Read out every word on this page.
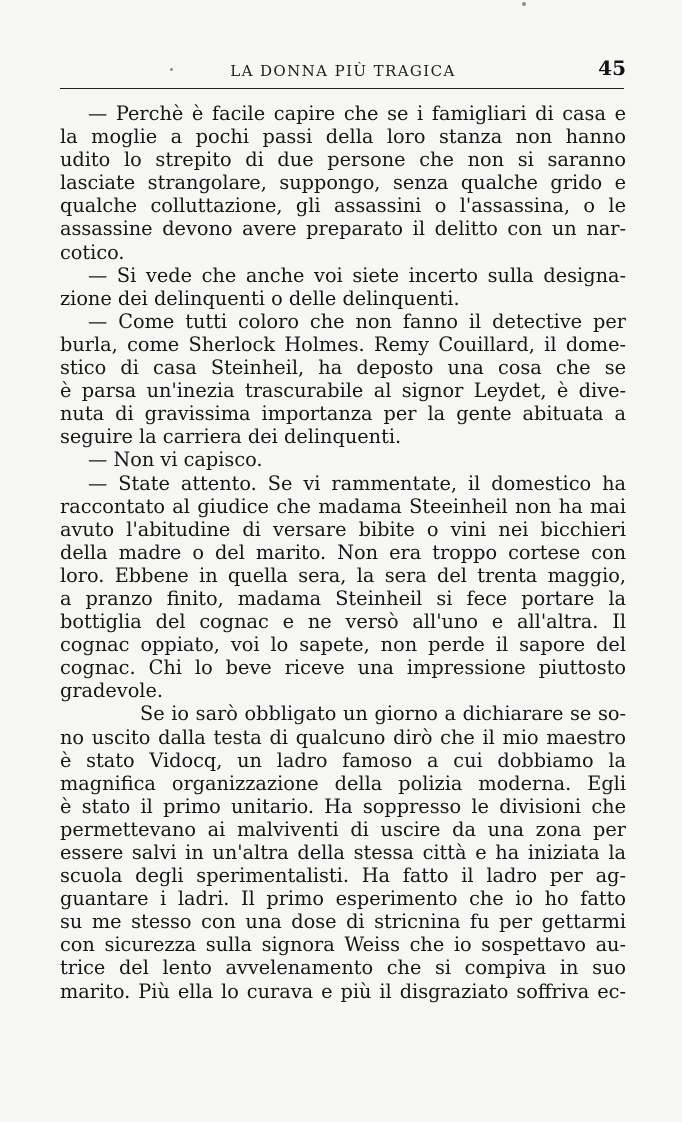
LA DONNA PIÙ TRAGICA	45
— Perchè è facile capire che se i famigliari di casa e
la moglie a pochi passi della loro stanza non hanno
udito lo strepito di due persone che non si saranno
lasciate strangolare, suppongo, senza qualche grido e
qualche colluttazione, gli assassini o l'assassina, o le
assassine devono avere preparato il delitto con un nar-
cotico.
— Si vede che anche voi siete incerto sulla designa-
zione dei delinquenti o delle delinquenti.
— Come tutti coloro che non fanno il detective per
burla, come Sherlock Holmes. Remy Couillard, il dome-
stico di casa Steinheil, ha deposto una cosa che se
è parsa un'inezia trascurabile al signor Leydet, è dive-
nuta di gravissima importanza per la gente abituata a
seguire la carriera dei delinquenti.
— Non vi capisco.
— State attento. Se vi rammentate, il domestico ha
raccontato al giudice che madama Steeinheil non ha mai
avuto l'abitudine di versare bibite o vini nei bicchieri
della madre o del marito. Non era troppo cortese con
loro. Ebbene in quella sera, la sera del trenta maggio,
a pranzo finito, madama Steinheil si fece portare la
bottiglia del cognac e ne versò all'uno e all'altra. Il
cognac oppiato, voi lo sapete, non perde il sapore del
cognac. Chi lo beve riceve una impressione piuttosto
gradevole.
Se io sarò obbligato un giorno a dichiarare se so-
no uscito dalla testa di qualcuno dirò che il mio maestro
è stato Vidocq, un ladro famoso a cui dobbiamo la
magnifica organizzazione della polizia moderna. Egli
è stato il primo unitario. Ha soppresso le divisioni che
permettevano ai malviventi di uscire da una zona per
essere salvi in un'altra della stessa città e ha iniziata la
scuola degli sperimentalisti. Ha fatto il ladro per ag-
guantare i ladri. Il primo esperimento che io ho fatto
su me stesso con una dose di stricnina fu per gettarmi
con sicurezza sulla signora Weiss che io sospettavo au-
trice del lento avvelenamento che si compiva in suo
marito. Più ella lo curava e più il disgraziato soffriva ec-
